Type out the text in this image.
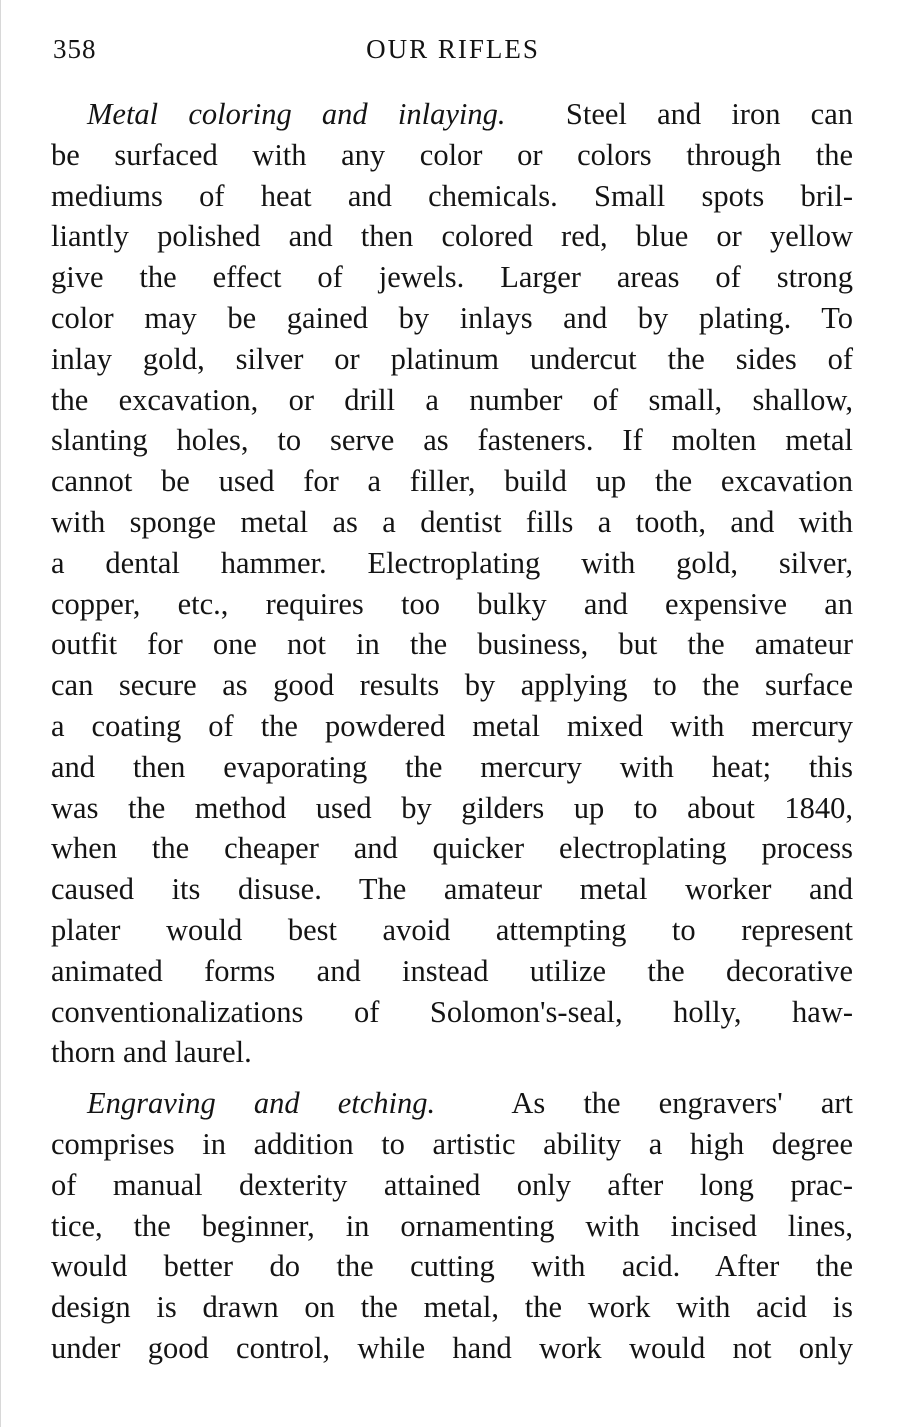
358	OUR RIFLES
Metal coloring and inlaying. Steel and iron can
be surfaced with any color or colors through the
mediums of heat and chemicals. Small spots bril-
liantly polished and then colored red, blue or yellow
give the effect of jewels. Larger areas of strong
color may be gained by inlays and by plating. To
inlay gold, silver or platinum undercut the sides of
the excavation, or drill a number of small, shallow,
slanting holes, to serve as fasteners. If molten metal
cannot be used for a filler, build up the excavation
with sponge metal as a dentist fills a tooth, and with
a dental hammer. Electroplating with gold, silver,
copper, etc., requires too bulky and expensive an
outfit for one not in the business, but the amateur
can secure as good results by applying to the surface
a coating of the powdered metal mixed with mercury
and then evaporating the mercury with heat; this
was the method used by gilders up to about 1840,
when the cheaper and quicker electroplating process
caused its disuse. The amateur metal worker and
plater would best avoid attempting to represent
animated forms and instead utilize the decorative
conventionalizations of Solomon's-seal, holly, haw-
thorn and laurel.
Engraving and etching. As the engravers' art
comprises in addition to artistic ability a high degree
of manual dexterity attained only after long prac-
tice, the beginner, in ornamenting with incised lines,
would better do the cutting with acid. After the
design is drawn on the metal, the work with acid is
under good control, while hand work would not only
